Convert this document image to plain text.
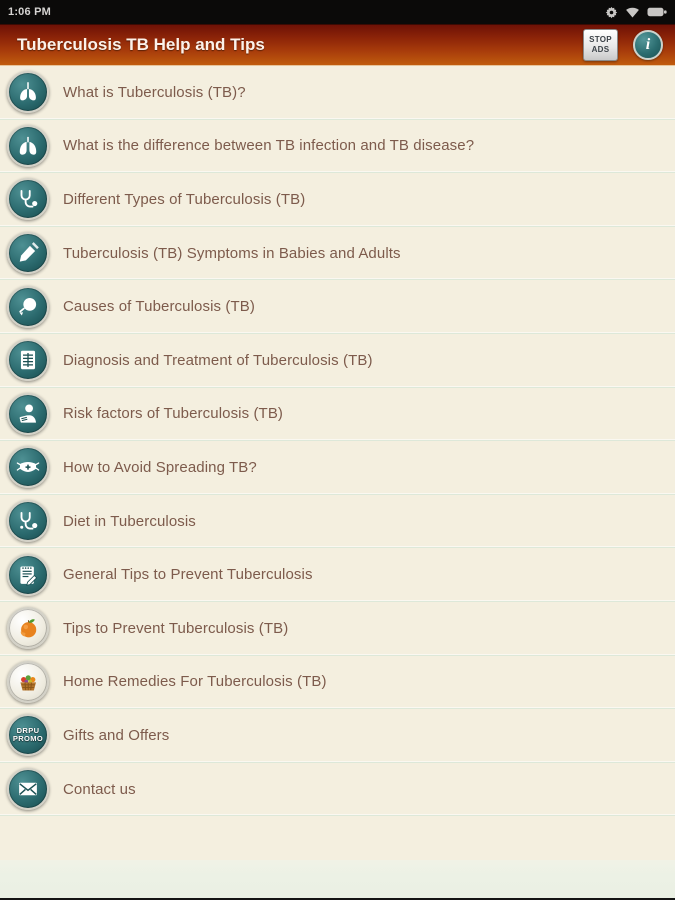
1:06 PM
Tuberculosis TB Help and Tips	STOP
ADS i
What is Tuberculosis (TB)?
What is the difference between TB infection and TB disease?
Different Types of Tuberculosis (TB)
Tuberculosis (TB) Symptoms in Babies and Adults
Causes of Tuberculosis (TB)
Diagnosis and Treatment of Tuberculosis (TB)
Risk factors of Tuberculosis (TB)
How to Avoid Spreading TB?
Diet in Tuberculosis
General Tips to Prevent Tuberculosis
Tips to Prevent Tuberculosis (TB)
Home Remedies For Tuberculosis (TB)
DRPU
PROMO Gifts and Offers
Contact us
